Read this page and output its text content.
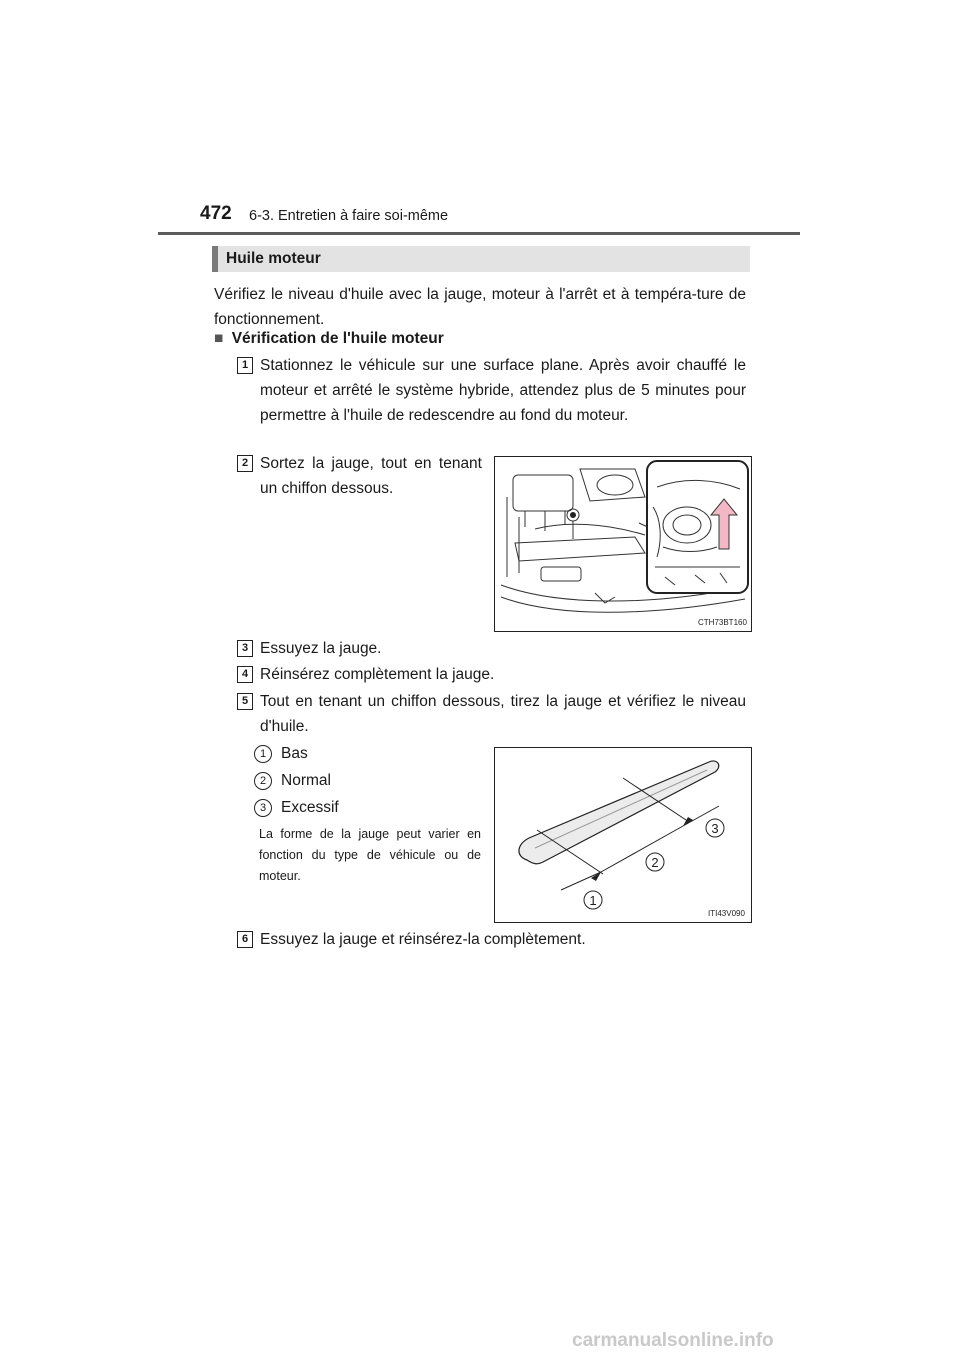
472 6-3. Entretien à faire soi-même
Huile moteur
Vérifiez le niveau d'huile avec la jauge, moteur à l'arrêt et à tempéra-ture de fonctionnement.
■ Vérification de l'huile moteur
1 Stationnez le véhicule sur une surface plane. Après avoir chauffé le moteur et arrêté le système hybride, attendez plus de 5 minutes pour permettre à l'huile de redescendre au fond du moteur.
2 Sortez la jauge, tout en tenant un chiffon dessous.
CTH73BT160
3 Essuyez la jauge.
4 Réinsérez complètement la jauge.
5 Tout en tenant un chiffon dessous, tirez la jauge et vérifiez le niveau d'huile.
1 Bas
2 Normal
3 Excessif
La forme de la jauge peut varier en fonction du type de véhicule ou de moteur.
1
2
3
ITI43V090
6 Essuyez la jauge et réinsérez-la complètement.
carmanualsonline.info
